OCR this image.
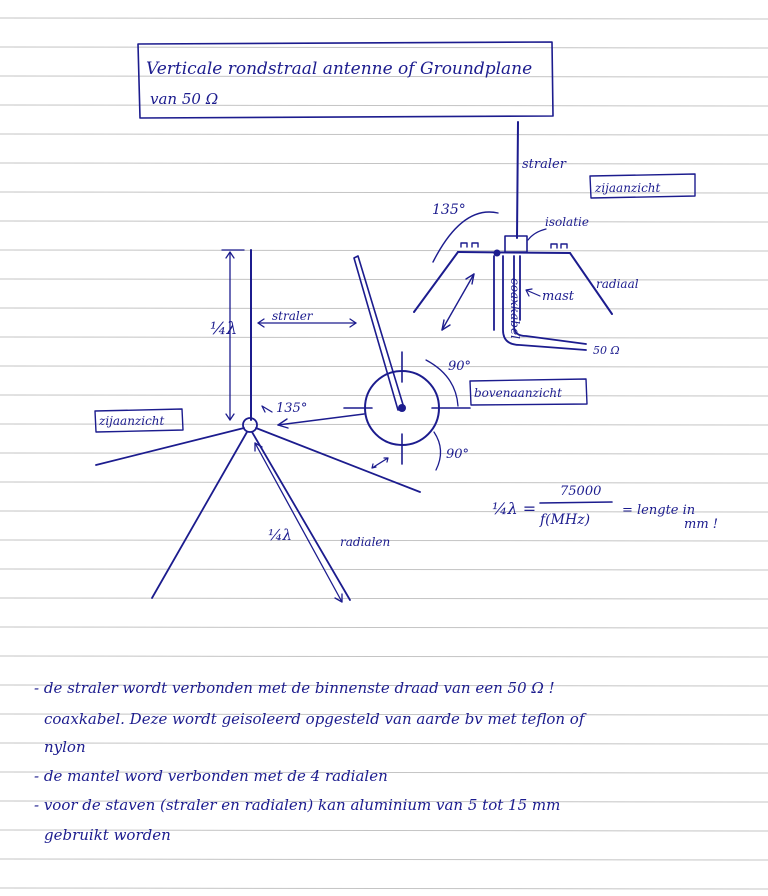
Verticale rondstraal antenne of Groundplane
van 50 Ω
straler
isolatie
radiaal
coaxkabel mast
50 Ω
135°
zijaanzicht
¼λ
straler
¼λ	radialen
135°
zijaanzicht
90°
90°
bovenaanzicht
¼λ =
75000
f(MHz)
= lengte in
mm !
- de straler wordt verbonden met de binnenste draad van een 50 Ω !
coaxkabel. Deze wordt geisoleerd opgesteld van aarde bv met teflon of
nylon
- de mantel word verbonden met de 4 radialen
- voor de staven (straler en radialen) kan aluminium van 5 tot 15 mm
gebruikt worden
